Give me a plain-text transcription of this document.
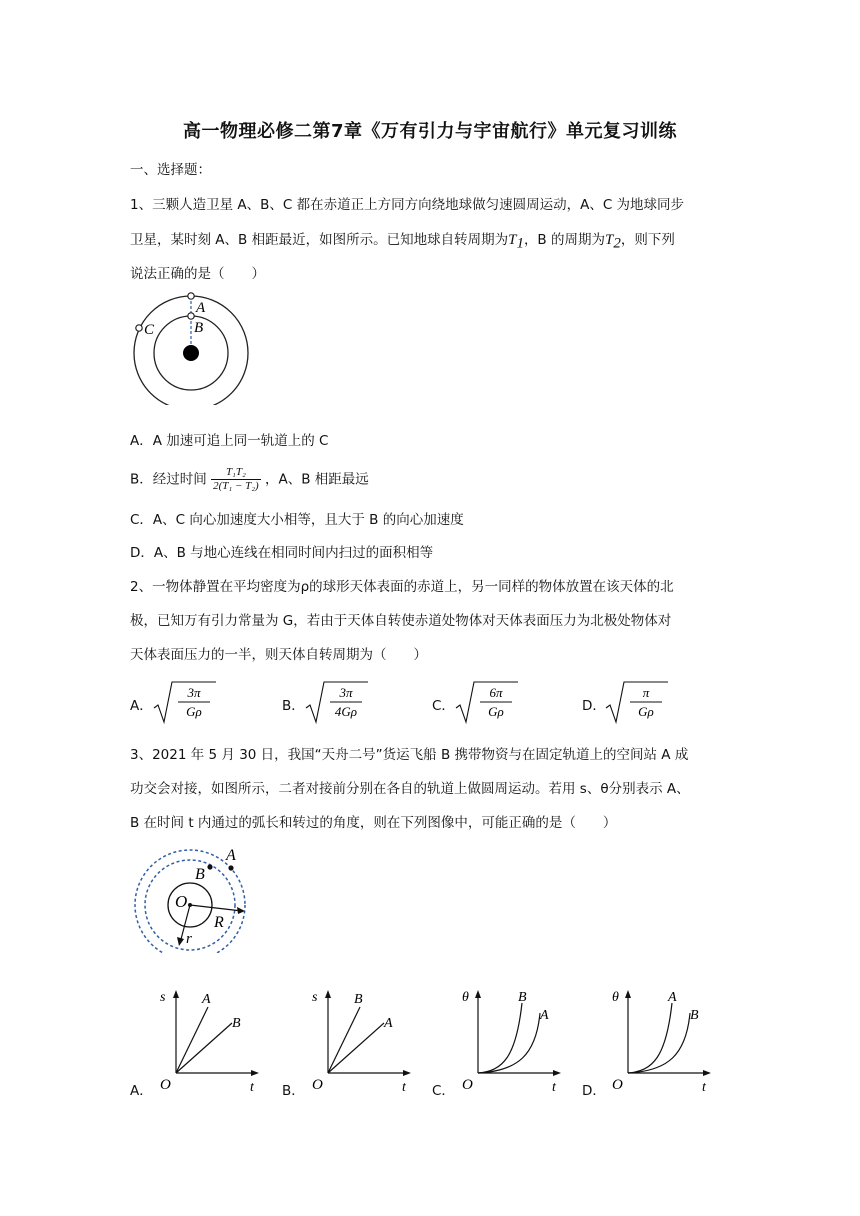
高一物理必修二第7章《万有引力与宇宙航行》单元复习训练
一、选择题：
1、三颗人造卫星 A、B、C 都在赤道正上方同方向绕地球做匀速圆周运动，A、C 为地球同步
卫星，某时刻 A、B 相距最近，如图所示。已知地球自转周期为$T_1$，B 的周期为$T_2$，则下列
说法正确的是（　　）
A
B
C
A．A 加速可追上同一轨道上的 C
B．经过时间 $\frac{\text{T₁T₂}}{\text{2(T₁ − T₂)}}$ ，A、B 相距最远
C．A、C 向心加速度大小相等，且大于 B 的向心加速度
D．A、B 与地心连线在相同时间内扫过的面积相等
2、一物体静置在平均密度为ρ的球形天体表面的赤道上，另一同样的物体放置在该天体的北
极，已知万有引力常量为 G，若由于天体自转使赤道处物体对天体表面压力为北极处物体对
天体表面压力的一半，则天体自转周期为（　　）
A．
3π
Gρ	B．
3π
4Gρ	C．
6π
Gρ	D．
π
Gρ
3、2021 年 5 月 30 日，我国“天舟二号”货运飞船 B 携带物资与在固定轨道上的空间站 A 成
功交会对接，如图所示，二者对接前分别在各自的轨道上做圆周运动。若用 s、θ分别表示 A、
B 在时间 t 内通过的弧长和转过的角度，则在下列图像中，可能正确的是（　　）
A
B
O
R
r
A．
s
t
O
A
B
B．
s
t
O
B
A
C．
θ
t
O
B
A
D．
θ
t
O
A
B
